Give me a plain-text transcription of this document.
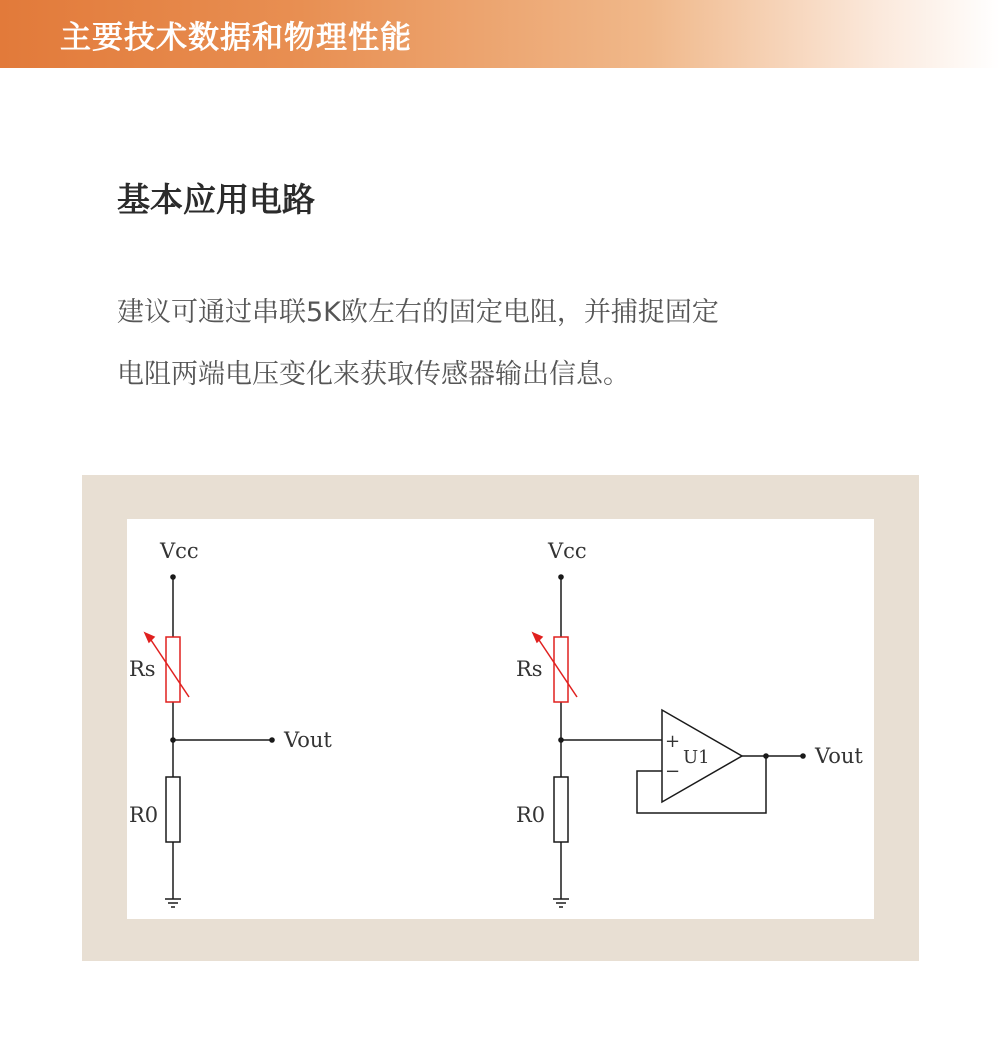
主要技术数据和物理性能
基本应用电路

建议可通过串联5K欧左右的固定电阻，并捕捉固定

电阻两端电压变化来获取传感器输出信息。

Vcc
Rs
R0
Vout
Vcc
Rs
R0
Vout
U1
+
−
